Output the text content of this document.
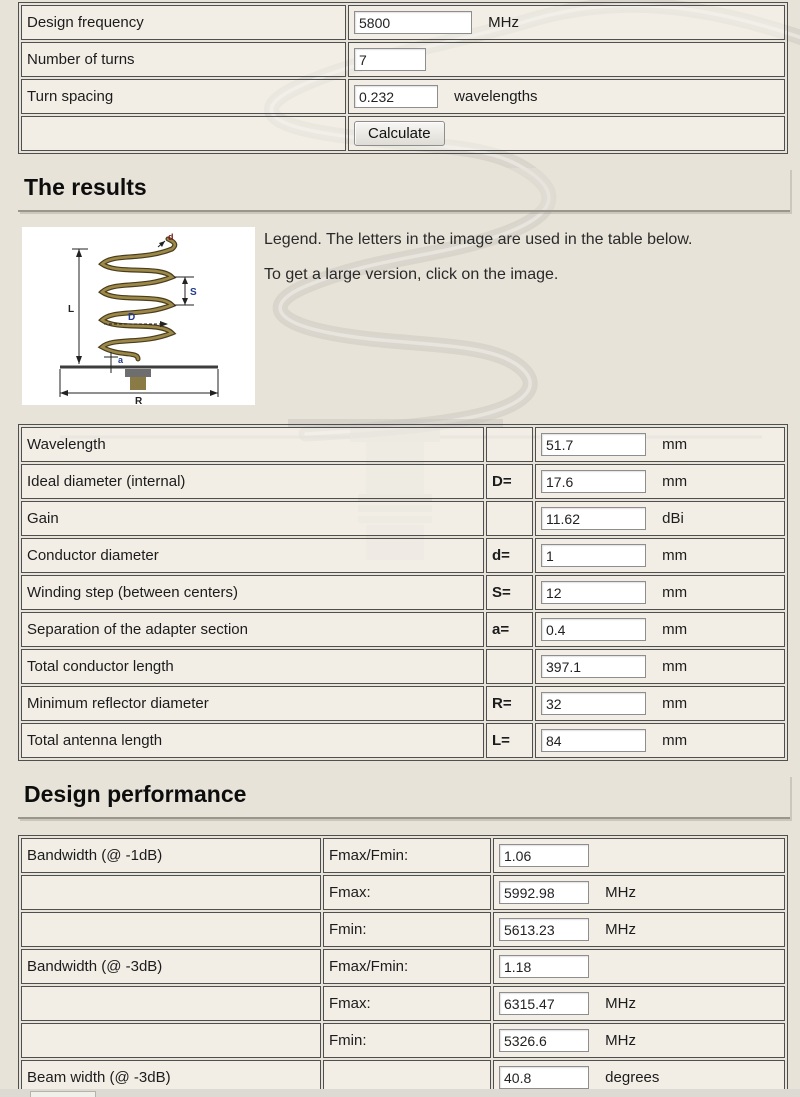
Design frequency	5800MHz
Number of turns	7
Turn spacing	0.232wavelengths
	Calculate
The results
L
S
D
d
a
R
Legend. The letters in the image are used in the table below.
To get a large version, click on the image.
Wavelength		51.7mm
Ideal diameter (internal)	D=	17.6mm
Gain		11.62dBi
Conductor diameter	d=	1mm
Winding step (between centers)	S=	12mm
Separation of the adapter section	a=	0.4mm
Total conductor length		397.1mm
Minimum reflector diameter	R=	32mm
Total antenna length	L=	84mm
Design performance
Bandwidth (@ -1dB)	Fmax/Fmin:	1.06
	Fmax:	5992.98MHz
	Fmin:	5613.23MHz
Bandwidth (@ -3dB)	Fmax/Fmin:	1.18
	Fmax:	6315.47MHz
	Fmin:	5326.6MHz
Beam width (@ -3dB)		40.8degrees
